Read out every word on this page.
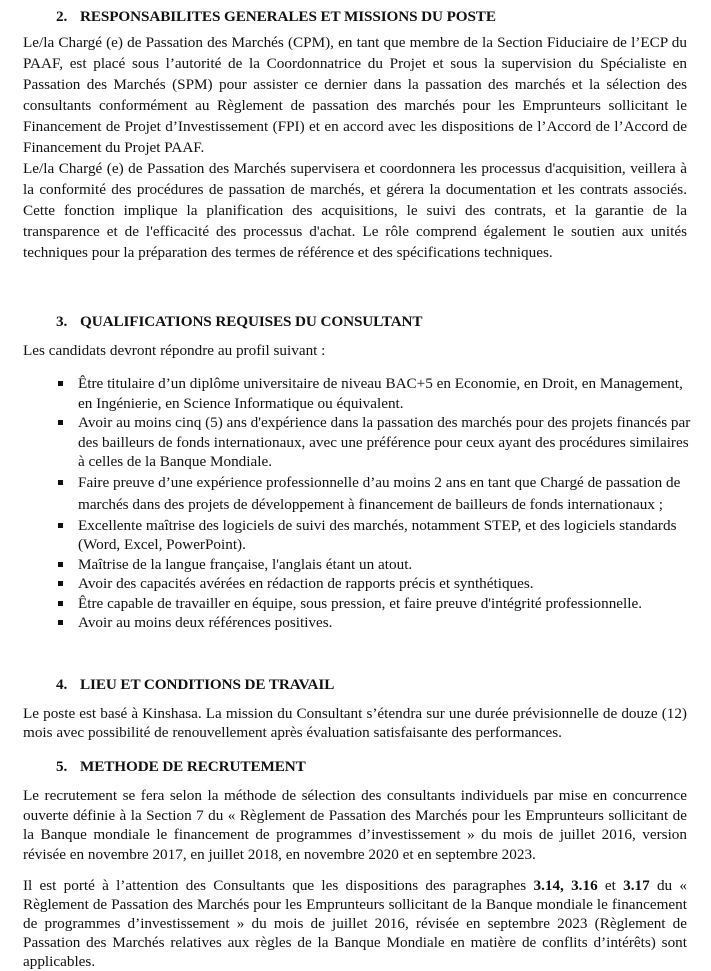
2. RESPONSABILITES GENERALES ET MISSIONS DU POSTE

Le/la Chargé (e) de Passation des Marchés (CPM), en tant que membre de la Section Fiduciaire de l’ECP du PAAF, est placé sous l’autorité de la Coordonnatrice du Projet et sous la supervision du Spécialiste en Passation des Marchés (SPM) pour assister ce dernier dans la passation des marchés et la sélection des consultants conformément au Règlement de passation des marchés pour les Emprunteurs sollicitant le Financement de Projet d’Investissement (FPI) et en accord avec les dispositions de l’Accord de l’Accord de Financement du Projet PAAF.

Le/la Chargé (e) de Passation des Marchés supervisera et coordonnera les processus d'acquisition, veillera à la conformité des procédures de passation de marchés, et gérera la documentation et les contrats associés. Cette fonction implique la planification des acquisitions, le suivi des contrats, et la garantie de la transparence et de l'efficacité des processus d'achat. Le rôle comprend également le soutien aux unités techniques pour la préparation des termes de référence et des spécifications techniques.

3. QUALIFICATIONS REQUISES DU CONSULTANT

Les candidats devront répondre au profil suivant :

Être titulaire d’un diplôme universitaire de niveau BAC+5 en Economie, en Droit, en Management, en Ingénierie, en Science Informatique ou équivalent.
Avoir au moins cinq (5) ans d'expérience dans la passation des marchés pour des projets financés par des bailleurs de fonds internationaux, avec une préférence pour ceux ayant des procédures similaires à celles de la Banque Mondiale.
Faire preuve d’une expérience professionnelle d’au moins 2 ans en tant que Chargé de passation de marchés dans des projets de développement à financement de bailleurs de fonds internationaux ;
Excellente maîtrise des logiciels de suivi des marchés, notamment STEP, et des logiciels standards (Word, Excel, PowerPoint).
Maîtrise de la langue française, l'anglais étant un atout.
Avoir des capacités avérées en rédaction de rapports précis et synthétiques.
Être capable de travailler en équipe, sous pression, et faire preuve d'intégrité professionnelle.
Avoir au moins deux références positives.
4. LIEU ET CONDITIONS DE TRAVAIL

Le poste est basé à Kinshasa. La mission du Consultant s’étendra sur une durée prévisionnelle de douze (12) mois avec possibilité de renouvellement après évaluation satisfaisante des performances.

5. METHODE DE RECRUTEMENT

Le recrutement se fera selon la méthode de sélection des consultants individuels par mise en concurrence ouverte définie à la Section 7 du « Règlement de Passation des Marchés pour les Emprunteurs sollicitant de la Banque mondiale le financement de programmes d’investissement » du mois de juillet 2016, version révisée en novembre 2017, en juillet 2018, en novembre 2020 et en septembre 2023.

Il est porté à l’attention des Consultants que les dispositions des paragraphes 3.14, 3.16 et 3.17 du « Règlement de Passation des Marchés pour les Emprunteurs sollicitant de la Banque mondiale le financement de programmes d’investissement » du mois de juillet 2016, révisée en septembre 2023 (Règlement de Passation des Marchés relatives aux règles de la Banque Mondiale en matière de conflits d’intérêts) sont applicables.
